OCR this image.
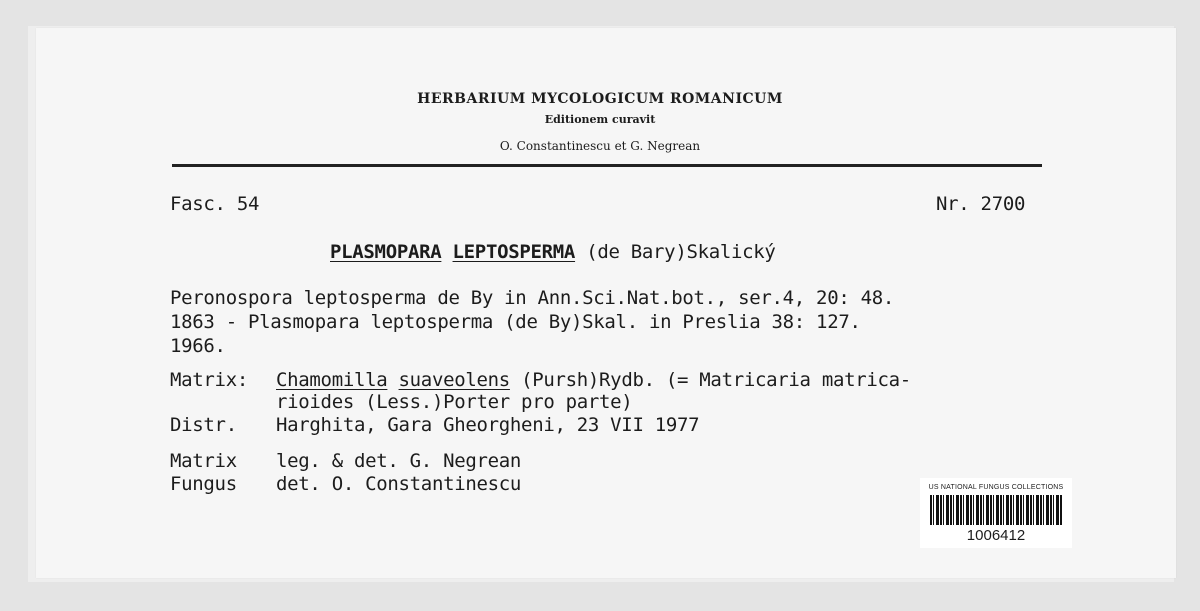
HERBARIUM MYCOLOGICUM ROMANICUM
Editionem curavit
O. Constantinescu et G. Negrean
Fasc. 54	Nr. 2700
PLASMOPARA LEPTOSPERMA (de Bary)Skalický
Peronospora leptosperma de By in Ann.Sci.Nat.bot., ser.4, 20: 48.
1863 - Plasmopara leptosperma (de By)Skal. in Preslia 38: 127.
1966.
Matrix: Chamomilla suaveolens (Pursh)Rydb. (= Matricaria matrica-
rioides (Less.)Porter pro parte)
Distr. Harghita, Gara Gheorgheni, 23 VII 1977
Matrix leg. & det. G. Negrean
Fungus det. O. Constantinescu	US NATIONAL FUNGUS COLLECTIONS
1006412
